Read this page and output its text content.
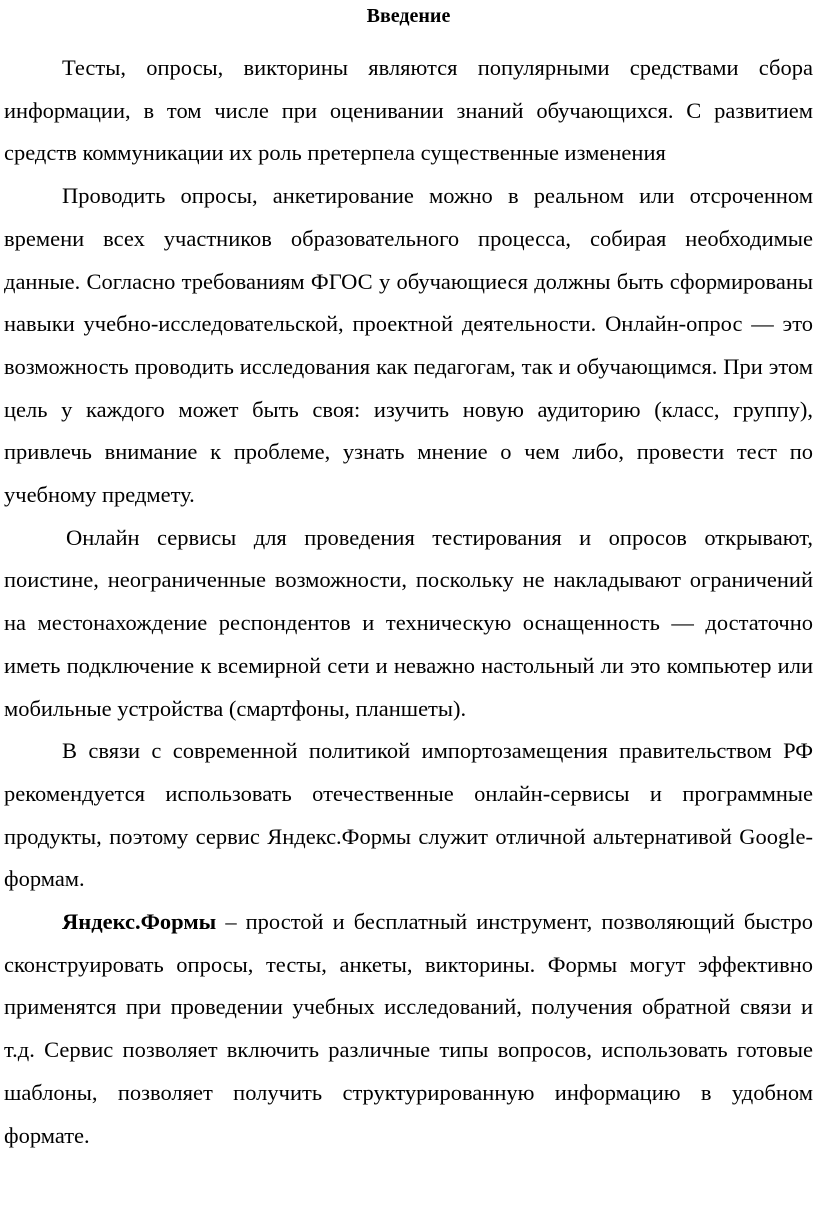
Введение

Тесты, опросы, викторины являются популярными средствами сбора информации, в том числе при оценивании знаний обучающихся. С развитием средств коммуникации их роль претерпела существенные изменения

Проводить опросы, анкетирование можно в реальном или отсроченном времени всех участников образовательного процесса, собирая необходимые данные. Согласно требованиям ФГОС у обучающиеся должны быть сформированы навыки учебно-исследовательской, проектной деятельности. Онлайн-опрос — это возможность проводить исследования как педагогам, так и обучающимся. При этом цель у каждого может быть своя: изучить новую аудиторию (класс, группу), привлечь внимание к проблеме, узнать мнение о чем либо, провести тест по учебному предмету.

Онлайн сервисы для проведения тестирования и опросов открывают, поистине, неограниченные возможности, поскольку не накладывают ограничений на местонахождение респондентов и техническую оснащенность — достаточно иметь подключение к всемирной сети и неважно настольный ли это компьютер или мобильные устройства (смартфоны, планшеты).

В связи с современной политикой импортозамещения правительством РФ рекомендуется использовать отечественные онлайн-сервисы и программные продукты, поэтому сервис Яндекс.Формы служит отличной альтернативой Google-формам.

Яндекс.Формы – простой и бесплатный инструмент, позволяющий быстро сконструировать опросы, тесты, анкеты, викторины. Формы могут эффективно применятся при проведении учебных исследований, получения обратной связи и т.д. Сервис позволяет включить различные типы вопросов, использовать готовые шаблоны, позволяет получить структурированную информацию в удобном формате.
